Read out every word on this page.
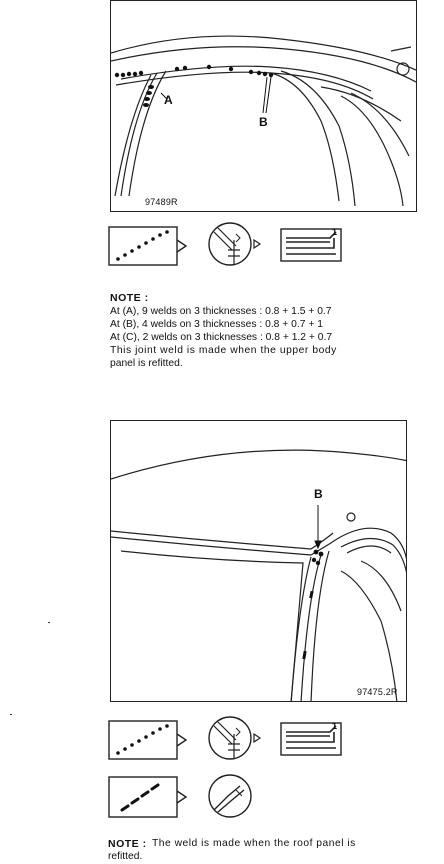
A
B
97489R
1
NOTE :
At (A), 9 welds on 3 thicknesses : 0.8 + 1.5 + 0.7
At (B), 4 welds on 3 thicknesses : 0.8 + 0.7 + 1
At (C), 2 welds on 3 thicknesses : 0.8 + 1.2 + 0.7
This joint weld is made when the upper body
panel is refitted.
B
97475.2R
1
NOTE : The weld is made when the roof panel is
refitted.
